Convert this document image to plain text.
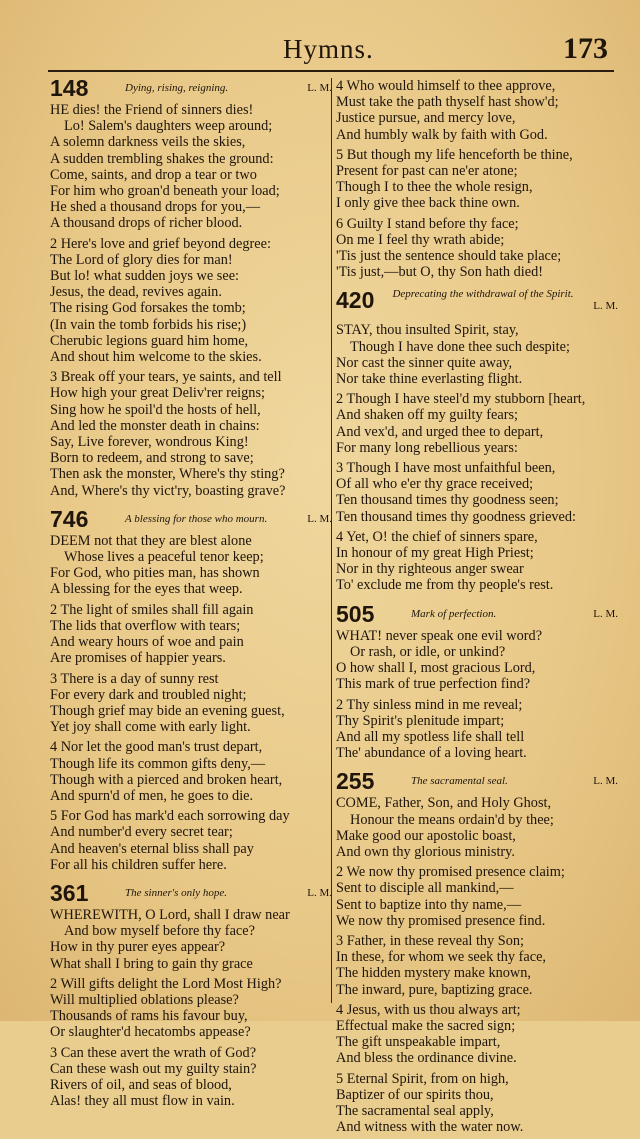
Hymns.	173
148	Dying, rising, reigning.	L. M.
HE dies! the Friend of sinners dies!
Lo! Salem's daughters weep around;
A solemn darkness veils the skies,
A sudden trembling shakes the ground:
Come, saints, and drop a tear or two
For him who groan'd beneath your load;
He shed a thousand drops for you,—
A thousand drops of richer blood.
2 Here's love and grief beyond degree:
The Lord of glory dies for man!
But lo! what sudden joys we see:
Jesus, the dead, revives again.
The rising God forsakes the tomb;
(In vain the tomb forbids his rise;)
Cherubic legions guard him home,
And shout him welcome to the skies.
3 Break off your tears, ye saints, and tell
How high your great Deliv'rer reigns;
Sing how he spoil'd the hosts of hell,
And led the monster death in chains:
Say, Live forever, wondrous King!
Born to redeem, and strong to save;
Then ask the monster, Where's thy sting?
And, Where's thy vict'ry, boasting grave?
746	A blessing for those who mourn.	L. M.
DEEM not that they are blest alone
Whose lives a peaceful tenor keep;
For God, who pities man, has shown
A blessing for the eyes that weep.
2 The light of smiles shall fill again
The lids that overflow with tears;
And weary hours of woe and pain
Are promises of happier years.
3 There is a day of sunny rest
For every dark and troubled night;
Though grief may bide an evening guest,
Yet joy shall come with early light.
4 Nor let the good man's trust depart,
Though life its common gifts deny,—
Though with a pierced and broken heart,
And spurn'd of men, he goes to die.
5 For God has mark'd each sorrowing day
And number'd every secret tear;
And heaven's eternal bliss shall pay
For all his children suffer here.
361	The sinner's only hope.	L. M.
WHEREWITH, O Lord, shall I draw near
And bow myself before thy face?
How in thy purer eyes appear?
What shall I bring to gain thy grace
2 Will gifts delight the Lord Most High?
Will multiplied oblations please?
Thousands of rams his favour buy,
Or slaughter'd hecatombs appease?
3 Can these avert the wrath of God?
Can these wash out my guilty stain?
Rivers of oil, and seas of blood,
Alas! they all must flow in vain.
4 Who would himself to thee approve,
Must take the path thyself hast show'd;
Justice pursue, and mercy love,
And humbly walk by faith with God.
5 But though my life henceforth be thine,
Present for past can ne'er atone;
Though I to thee the whole resign,
I only give thee back thine own.
6 Guilty I stand before thy face;
On me I feel thy wrath abide;
'Tis just the sentence should take place;
'Tis just,—but O, thy Son hath died!
420	Deprecating the withdrawal of the Spirit.
L. M.
STAY, thou insulted Spirit, stay,
Though I have done thee such despite;
Nor cast the sinner quite away,
Nor take thine everlasting flight.
2 Though I have steel'd my stubborn [heart,
And shaken off my guilty fears;
And vex'd, and urged thee to depart,
For many long rebellious years:
3 Though I have most unfaithful been,
Of all who e'er thy grace received;
Ten thousand times thy goodness seen;
Ten thousand times thy goodness grieved:
4 Yet, O! the chief of sinners spare,
In honour of my great High Priest;
Nor in thy righteous anger swear
To' exclude me from thy people's rest.
505	Mark of perfection.	L. M.
WHAT! never speak one evil word?
Or rash, or idle, or unkind?
O how shall I, most gracious Lord,
This mark of true perfection find?
2 Thy sinless mind in me reveal;
Thy Spirit's plenitude impart;
And all my spotless life shall tell
The' abundance of a loving heart.
255	The sacramental seal.	L. M.
COME, Father, Son, and Holy Ghost,
Honour the means ordain'd by thee;
Make good our apostolic boast,
And own thy glorious ministry.
2 We now thy promised presence claim;
Sent to disciple all mankind,—
Sent to baptize into thy name,—
We now thy promised presence find.
3 Father, in these reveal thy Son;
In these, for whom we seek thy face,
The hidden mystery make known,
The inward, pure, baptizing grace.
4 Jesus, with us thou always art;
Effectual make the sacred sign;
The gift unspeakable impart,
And bless the ordinance divine.
5 Eternal Spirit, from on high,
Baptizer of our spirits thou,
The sacramental seal apply,
And witness with the water now.
